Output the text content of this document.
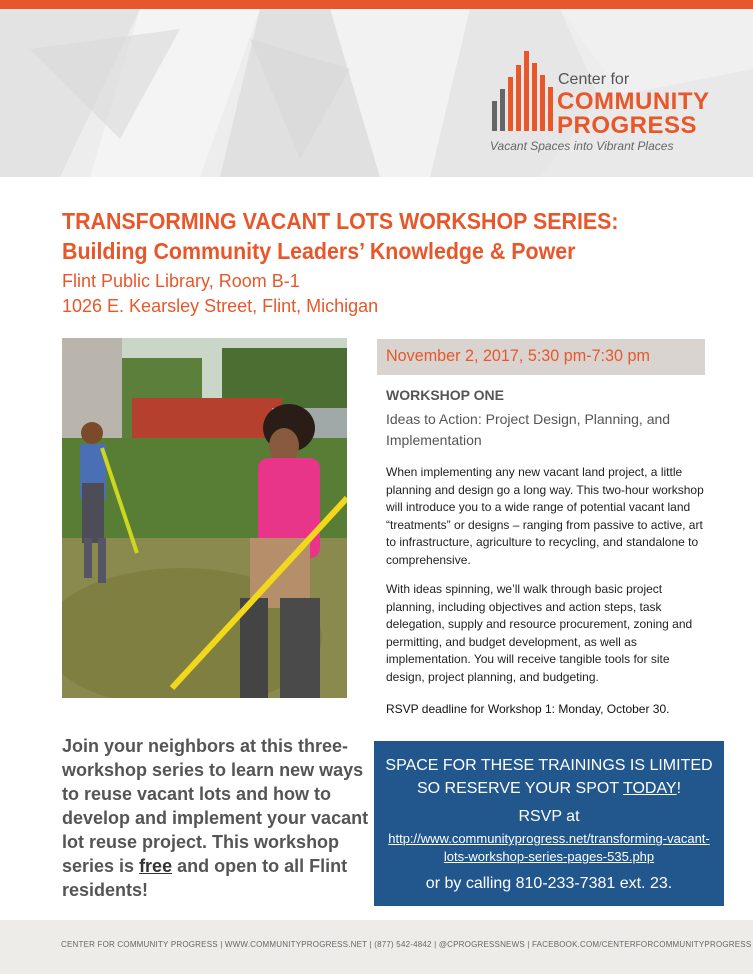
Center for
COMMUNITY
PROGRESS
Vacant Spaces into Vibrant Places
TRANSFORMING VACANT LOTS WORKSHOP SERIES:
Building Community Leaders’ Knowledge & Power
Flint Public Library, Room B-1
1026 E. Kearsley Street, Flint, Michigan
November 2, 2017, 5:30 pm-7:30 pm
WORKSHOP ONE
Ideas to Action: Project Design, Planning, and Implementation
When implementing any new vacant land project, a little planning and design go a long way. This two-hour workshop will introduce you to a wide range of potential vacant land “treatments” or designs – ranging from passive to active, art to infrastructure, agriculture to recycling, and standalone to comprehensive.
With ideas spinning, we’ll walk through basic project planning, including objectives and action steps, task delegation, supply and resource procurement, zoning and permitting, and budget development, as well as implementation. You will receive tangible tools for site design, project planning, and budgeting.
RSVP deadline for Workshop 1: Monday, October 30.
Join your neighbors at this three-workshop series to learn new ways to reuse vacant lots and how to develop and implement your vacant lot reuse project. This workshop series is free and open to all Flint residents!
SPACE FOR THESE TRAININGS IS LIMITED
SO RESERVE YOUR SPOT TODAY!
RSVP at
http://www.communityprogress.net/transforming-vacant-
lots-workshop-series-pages-535.php
or by calling 810-233-7381 ext. 23.
CENTER FOR COMMUNITY PROGRESS | WWW.COMMUNITYPROGRESS.NET | (877) 542-4842 | @CPROGRESSNEWS | FACEBOOK.COM/CENTERFORCOMMUNITYPROGRESS
